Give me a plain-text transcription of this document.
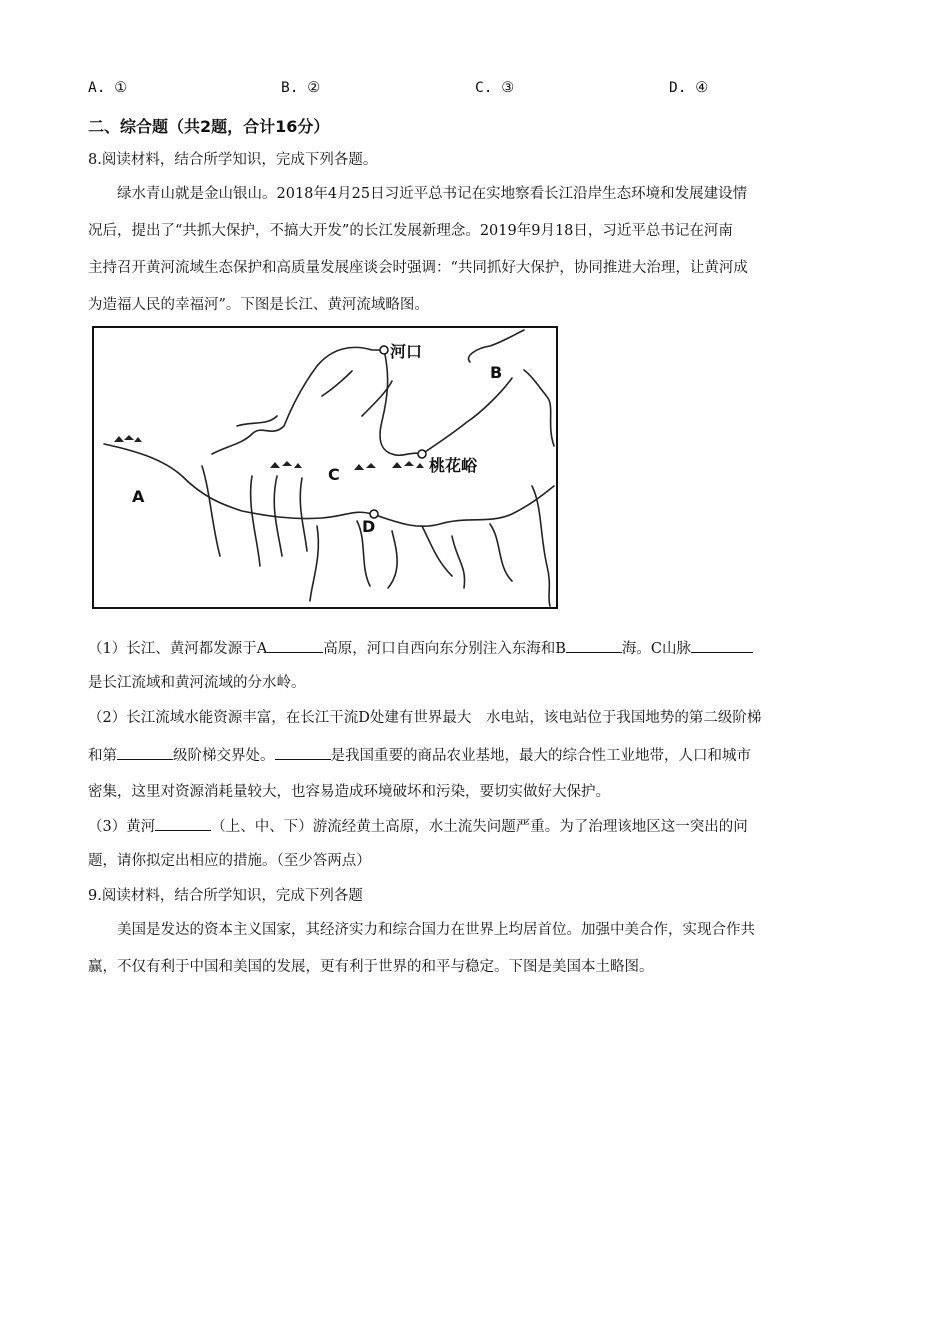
A. ①	B. ②	C. ③	D. ④
二、综合题（共2题，合计16分）
8.阅读材料，结合所学知识，完成下列各题。
绿水青山就是金山银山。2018年4月25日习近平总书记在实地察看长江沿岸生态环境和发展建设情
况后，提出了“共抓大保护，不搞大开发”的长江发展新理念。2019年9月18日，习近平总书记在河南
主持召开黄河流域生态保护和高质量发展座谈会时强调：“共同抓好大保护，协同推进大治理，让黄河成
为造福人民的幸福河”。下图是长江、黄河流域略图。
河口
B
A
C
D
桃花峪
（1）长江、黄河都发源于A	高原，河口自西向东分别注入东海和B	海。C山脉
是长江流域和黄河流域的分水岭。
（2）长江流域水能资源丰富，在长江干流D处建有世界最大　水电站，该电站位于我国地势的第二级阶梯
和第	级阶梯交界处。	是我国重要的商品农业基地，最大的综合性工业地带，人口和城市
密集，这里对资源消耗量较大，也容易造成环境破坏和污染，要切实做好大保护。
（3）黄河	（上、中、下）游流经黄土高原，水土流失问题严重。为了治理该地区这一突出的问
题，请你拟定出相应的措施。（至少答两点）
9.阅读材料，结合所学知识，完成下列各题
美国是发达的资本主义国家，其经济实力和综合国力在世界上均居首位。加强中美合作，实现合作共
赢，不仅有利于中国和美国的发展，更有利于世界的和平与稳定。下图是美国本土略图。
